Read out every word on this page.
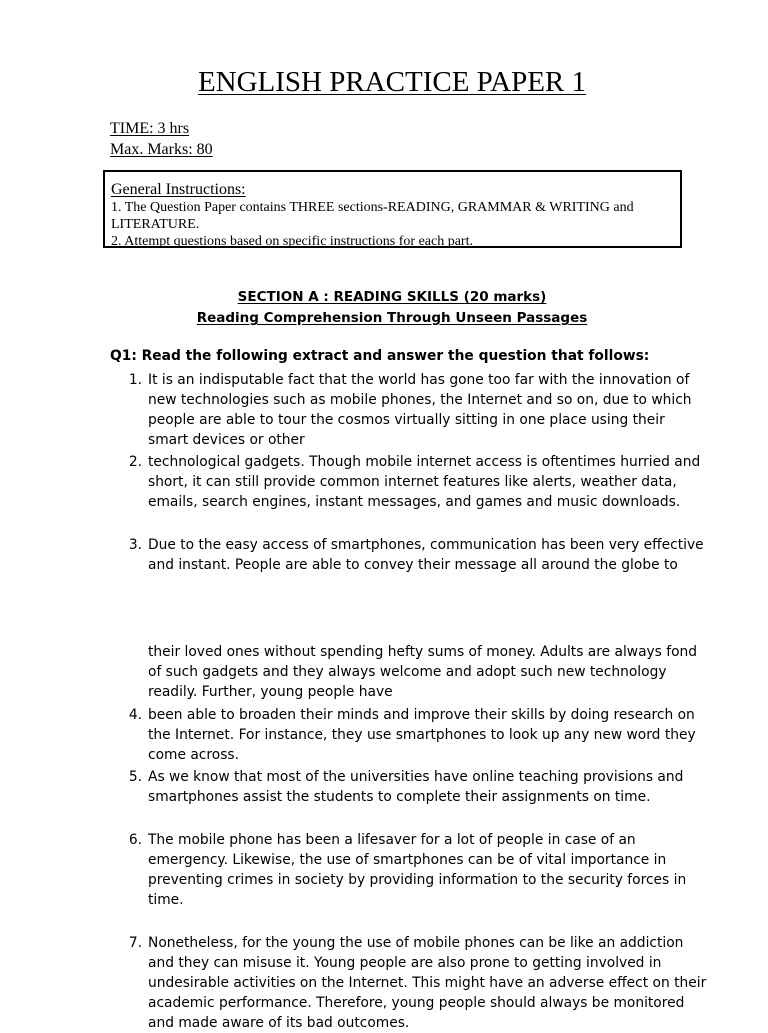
ENGLISH PRACTICE PAPER 1
TIME: 3 hrs
Max. Marks: 80

General Instructions:

1. The Question Paper contains THREE sections-READING, GRAMMAR & WRITING and

LITERATURE.

2. Attempt questions based on specific instructions for each part.

SECTION A : READING SKILLS (20 marks)
Reading Comprehension Through Unseen Passages
Q1: Read the following extract and answer the question that follows:
1. It is an indisputable fact that the world has gone too far with the innovation of
new technologies such as mobile phones, the Internet and so on, due to which
people are able to tour the cosmos virtually sitting in one place using their
smart devices or other
2. technological gadgets. Though mobile internet access is oftentimes hurried and
short, it can still provide common internet features like alerts, weather data,
emails, search engines, instant messages, and games and music downloads.
3. Due to the easy access of smartphones, communication has been very effective
and instant. People are able to convey their message all around the globe to
their loved ones without spending hefty sums of money. Adults are always fond
of such gadgets and they always welcome and adopt such new technology
readily. Further, young people have
4. been able to broaden their minds and improve their skills by doing research on
the Internet. For instance, they use smartphones to look up any new word they
come across.
5. As we know that most of the universities have online teaching provisions and
smartphones assist the students to complete their assignments on time.
6. The mobile phone has been a lifesaver for a lot of people in case of an
emergency. Likewise, the use of smartphones can be of vital importance in
preventing crimes in society by providing information to the security forces in
time.
7. Nonetheless, for the young the use of mobile phones can be like an addiction
and they can misuse it. Young people are also prone to getting involved in
undesirable activities on the Internet. This might have an adverse effect on their
academic performance. Therefore, young people should always be monitored
and made aware of its bad outcomes.
